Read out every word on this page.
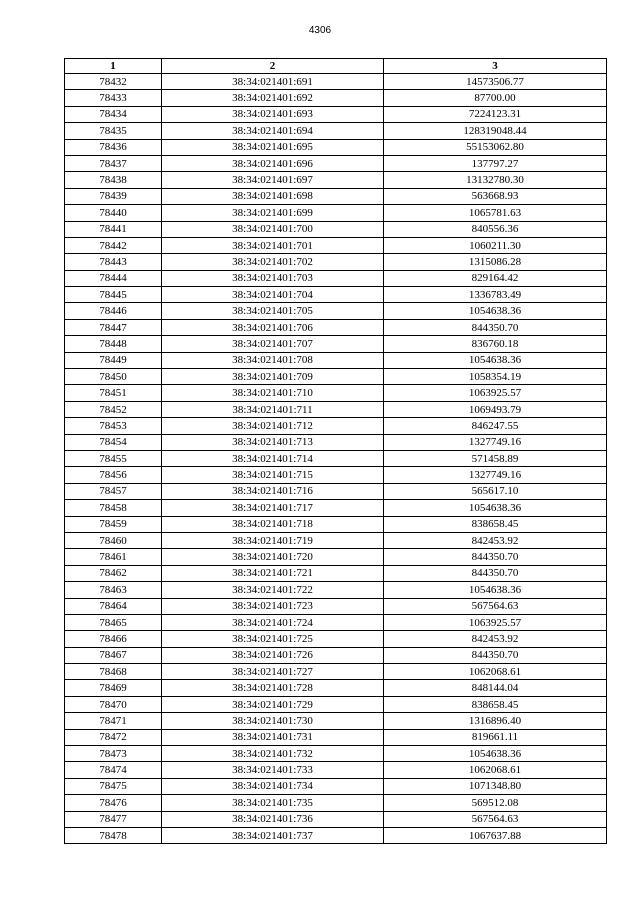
4306
1	2	3
78432	38:34:021401:691	14573506.77
78433	38:34:021401:692	87700.00
78434	38:34:021401:693	7224123.31
78435	38:34:021401:694	128319048.44
78436	38:34:021401:695	55153062.80
78437	38:34:021401:696	137797.27
78438	38:34:021401:697	13132780.30
78439	38:34:021401:698	563668.93
78440	38:34:021401:699	1065781.63
78441	38:34:021401:700	840556.36
78442	38:34:021401:701	1060211.30
78443	38:34:021401:702	1315086.28
78444	38:34:021401:703	829164.42
78445	38:34:021401:704	1336783.49
78446	38:34:021401:705	1054638.36
78447	38:34:021401:706	844350.70
78448	38:34:021401:707	836760.18
78449	38:34:021401:708	1054638.36
78450	38:34:021401:709	1058354.19
78451	38:34:021401:710	1063925.57
78452	38:34:021401:711	1069493.79
78453	38:34:021401:712	846247.55
78454	38:34:021401:713	1327749.16
78455	38:34:021401:714	571458.89
78456	38:34:021401:715	1327749.16
78457	38:34:021401:716	565617.10
78458	38:34:021401:717	1054638.36
78459	38:34:021401:718	838658.45
78460	38:34:021401:719	842453.92
78461	38:34:021401:720	844350.70
78462	38:34:021401:721	844350.70
78463	38:34:021401:722	1054638.36
78464	38:34:021401:723	567564.63
78465	38:34:021401:724	1063925.57
78466	38:34:021401:725	842453.92
78467	38:34:021401:726	844350.70
78468	38:34:021401:727	1062068.61
78469	38:34:021401:728	848144.04
78470	38:34:021401:729	838658.45
78471	38:34:021401:730	1316896.40
78472	38:34:021401:731	819661.11
78473	38:34:021401:732	1054638.36
78474	38:34:021401:733	1062068.61
78475	38:34:021401:734	1071348.80
78476	38:34:021401:735	569512.08
78477	38:34:021401:736	567564.63
78478	38:34:021401:737	1067637.88
